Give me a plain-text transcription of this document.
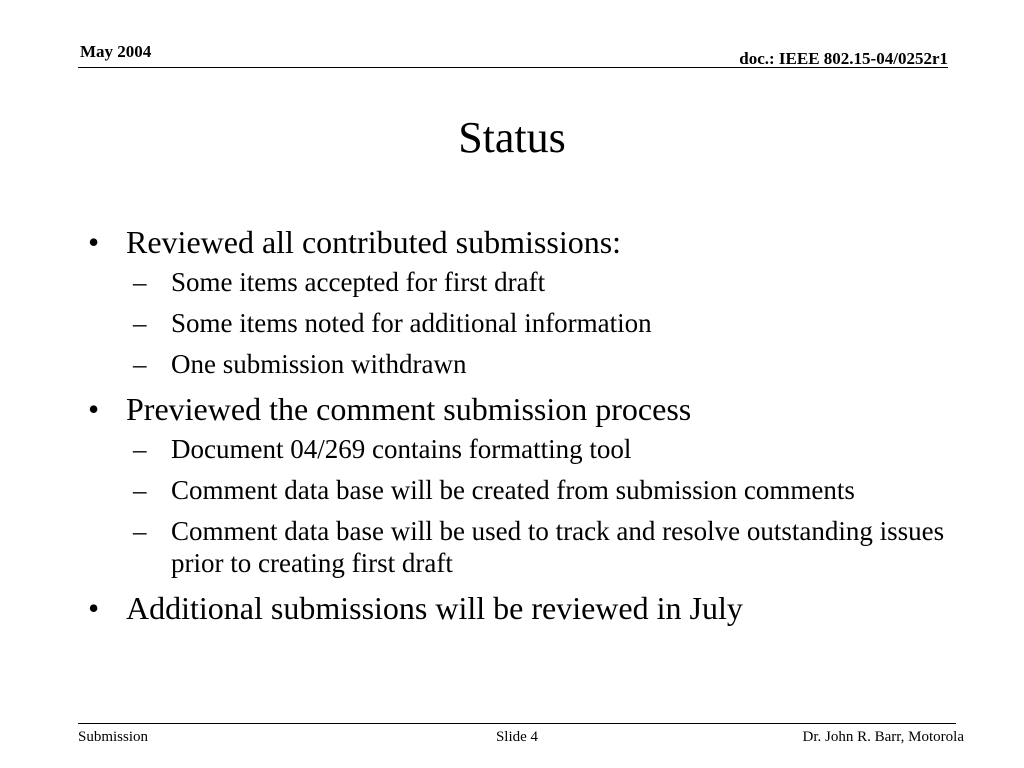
May 2004	doc.: IEEE 802.15-04/0252r1
Status
• Reviewed all contributed submissions:
– Some items accepted for first draft
– Some items noted for additional information
– One submission withdrawn
• Previewed the comment submission process
– Document 04/269 contains formatting tool
– Comment data base will be created from submission comments
– Comment data base will be used to track and resolve outstanding issues prior to creating first draft
• Additional submissions will be reviewed in July
Submission	Slide 4	Dr. John R. Barr, Motorola
